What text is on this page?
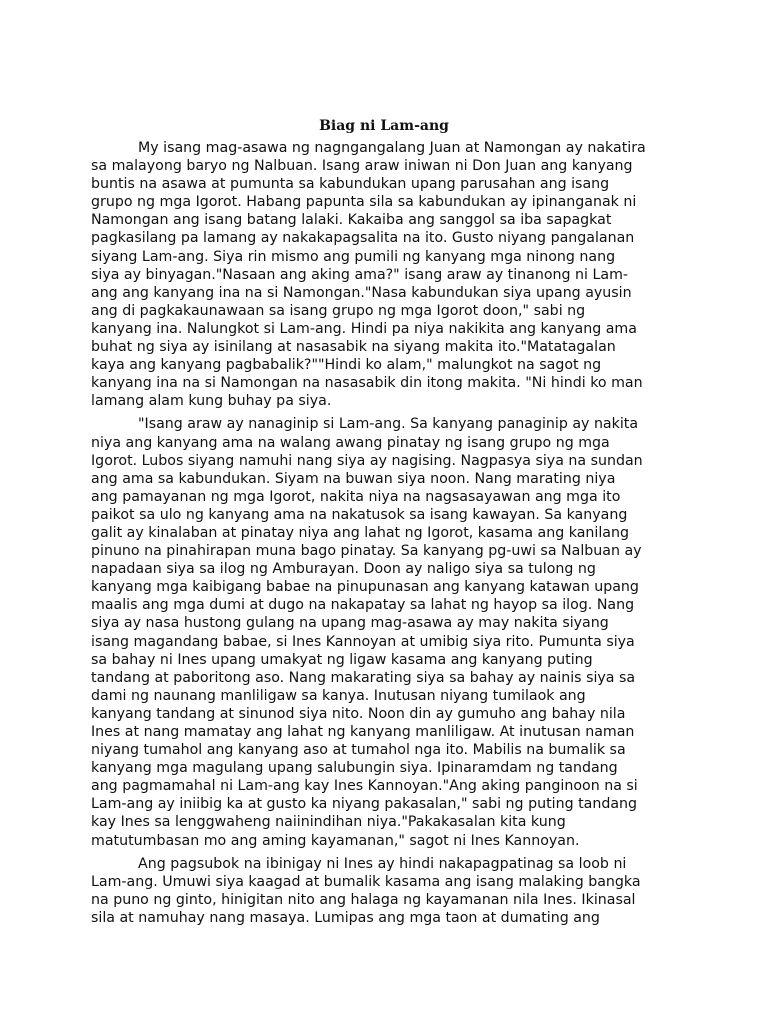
Biag ni Lam-ang

My isang mag-asawa ng nagngangalang Juan at Namongan ay nakatira
sa malayong baryo ng Nalbuan. Isang araw iniwan ni Don Juan ang kanyang
buntis na asawa at pumunta sa kabundukan upang parusahan ang isang
grupo ng mga Igorot. Habang papunta sila sa kabundukan ay ipinanganak ni
Namongan ang isang batang lalaki. Kakaiba ang sanggol sa iba sapagkat
pagkasilang pa lamang ay nakakapagsalita na ito. Gusto niyang pangalanan
siyang Lam-ang. Siya rin mismo ang pumili ng kanyang mga ninong nang
siya ay binyagan."Nasaan ang aking ama?" isang araw ay tinanong ni Lam-
ang ang kanyang ina na si Namongan."Nasa kabundukan siya upang ayusin
ang di pagkakaunawaan sa isang grupo ng mga Igorot doon," sabi ng
kanyang ina. Nalungkot si Lam-ang. Hindi pa niya nakikita ang kanyang ama
buhat ng siya ay isinilang at nasasabik na siyang makita ito."Matatagalan
kaya ang kanyang pagbabalik?""Hindi ko alam," malungkot na sagot ng
kanyang ina na si Namongan na nasasabik din itong makita. "Ni hindi ko man
lamang alam kung buhay pa siya.

"Isang araw ay nanaginip si Lam-ang. Sa kanyang panaginip ay nakita
niya ang kanyang ama na walang awang pinatay ng isang grupo ng mga
Igorot. Lubos siyang namuhi nang siya ay nagising. Nagpasya siya na sundan
ang ama sa kabundukan. Siyam na buwan siya noon. Nang marating niya
ang pamayanan ng mga Igorot, nakita niya na nagsasayawan ang mga ito
paikot sa ulo ng kanyang ama na nakatusok sa isang kawayan. Sa kanyang
galit ay kinalaban at pinatay niya ang lahat ng Igorot, kasama ang kanilang
pinuno na pinahirapan muna bago pinatay. Sa kanyang pg-uwi sa Nalbuan ay
napadaan siya sa ilog ng Amburayan. Doon ay naligo siya sa tulong ng
kanyang mga kaibigang babae na pinupunasan ang kanyang katawan upang
maalis ang mga dumi at dugo na nakapatay sa lahat ng hayop sa ilog. Nang
siya ay nasa hustong gulang na upang mag-asawa ay may nakita siyang
isang magandang babae, si Ines Kannoyan at umibig siya rito. Pumunta siya
sa bahay ni Ines upang umakyat ng ligaw kasama ang kanyang puting
tandang at paboritong aso. Nang makarating siya sa bahay ay nainis siya sa
dami ng naunang manliligaw sa kanya. Inutusan niyang tumilaok ang
kanyang tandang at sinunod siya nito. Noon din ay gumuho ang bahay nila
Ines at nang mamatay ang lahat ng kanyang manliligaw. At inutusan naman
niyang tumahol ang kanyang aso at tumahol nga ito. Mabilis na bumalik sa
kanyang mga magulang upang salubungin siya. Ipinaramdam ng tandang
ang pagmamahal ni Lam-ang kay Ines Kannoyan."Ang aking panginoon na si
Lam-ang ay iniibig ka at gusto ka niyang pakasalan," sabi ng puting tandang
kay Ines sa lenggwaheng naiinindihan niya."Pakakasalan kita kung
matutumbasan mo ang aming kayamanan," sagot ni Ines Kannoyan.

Ang pagsubok na ibinigay ni Ines ay hindi nakapagpatinag sa loob ni
Lam-ang. Umuwi siya kaagad at bumalik kasama ang isang malaking bangka
na puno ng ginto, hinigitan nito ang halaga ng kayamanan nila Ines. Ikinasal
sila at namuhay nang masaya. Lumipas ang mga taon at dumating ang
